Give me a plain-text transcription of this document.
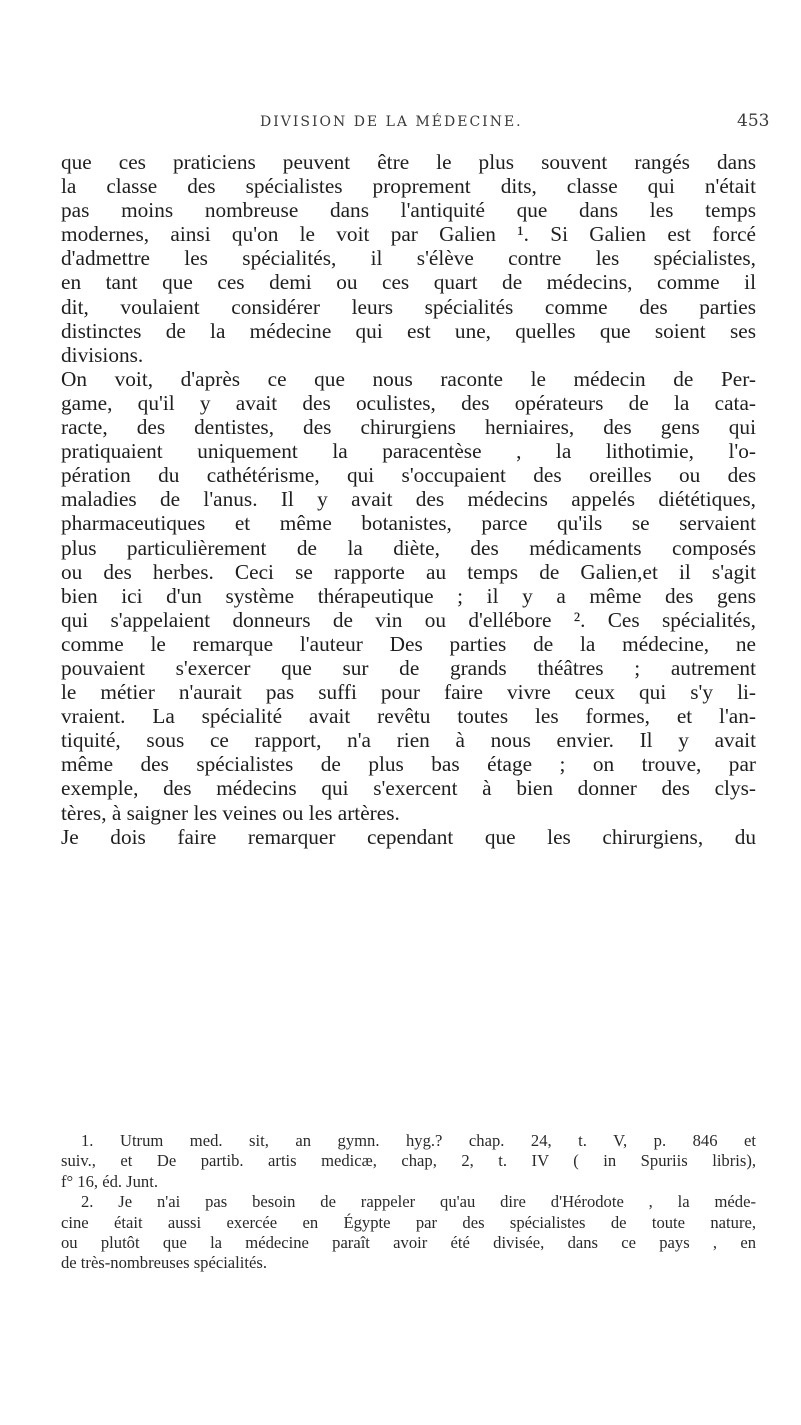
DIVISION DE LA MÉDECINE.	453
que ces praticiens peuvent être le plus souvent rangés dans
la classe des spécialistes proprement dits, classe qui n'était
pas moins nombreuse dans l'antiquité que dans les temps
modernes, ainsi qu'on le voit par Galien ¹. Si Galien est forcé
d'admettre les spécialités, il s'élève contre les spécialistes,
en tant que ces demi ou ces quart de médecins, comme il
dit, voulaient considérer leurs spécialités comme des parties
distinctes de la médecine qui est une, quelles que soient ses
divisions.
On voit, d'après ce que nous raconte le médecin de Per-
game, qu'il y avait des oculistes, des opérateurs de la cata-
racte, des dentistes, des chirurgiens herniaires, des gens qui
pratiquaient uniquement la paracentèse , la lithotimie, l'o-
pération du cathétérisme, qui s'occupaient des oreilles ou des
maladies de l'anus. Il y avait des médecins appelés diététiques,
pharmaceutiques et même botanistes, parce qu'ils se servaient
plus particulièrement de la diète, des médicaments composés
ou des herbes. Ceci se rapporte au temps de Galien,et il s'agit
bien ici d'un système thérapeutique ; il y a même des gens
qui s'appelaient donneurs de vin ou d'ellébore ². Ces spécialités,
comme le remarque l'auteur Des parties de la médecine, ne
pouvaient s'exercer que sur de grands théâtres ; autrement
le métier n'aurait pas suffi pour faire vivre ceux qui s'y li-
vraient. La spécialité avait revêtu toutes les formes, et l'an-
tiquité, sous ce rapport, n'a rien à nous envier. Il y avait
même des spécialistes de plus bas étage ; on trouve, par
exemple, des médecins qui s'exercent à bien donner des clys-
tères, à saigner les veines ou les artères.
Je dois faire remarquer cependant que les chirurgiens, du
1. Utrum med. sit, an gymn. hyg.? chap. 24, t. V, p. 846 et
suiv., et De partib. artis medicæ, chap, 2, t. IV ( in Spuriis libris),
f° 16, éd. Junt.
2. Je n'ai pas besoin de rappeler qu'au dire d'Hérodote , la méde-
cine était aussi exercée en Égypte par des spécialistes de toute nature,
ou plutôt que la médecine paraît avoir été divisée, dans ce pays , en
de très-nombreuses spécialités.
